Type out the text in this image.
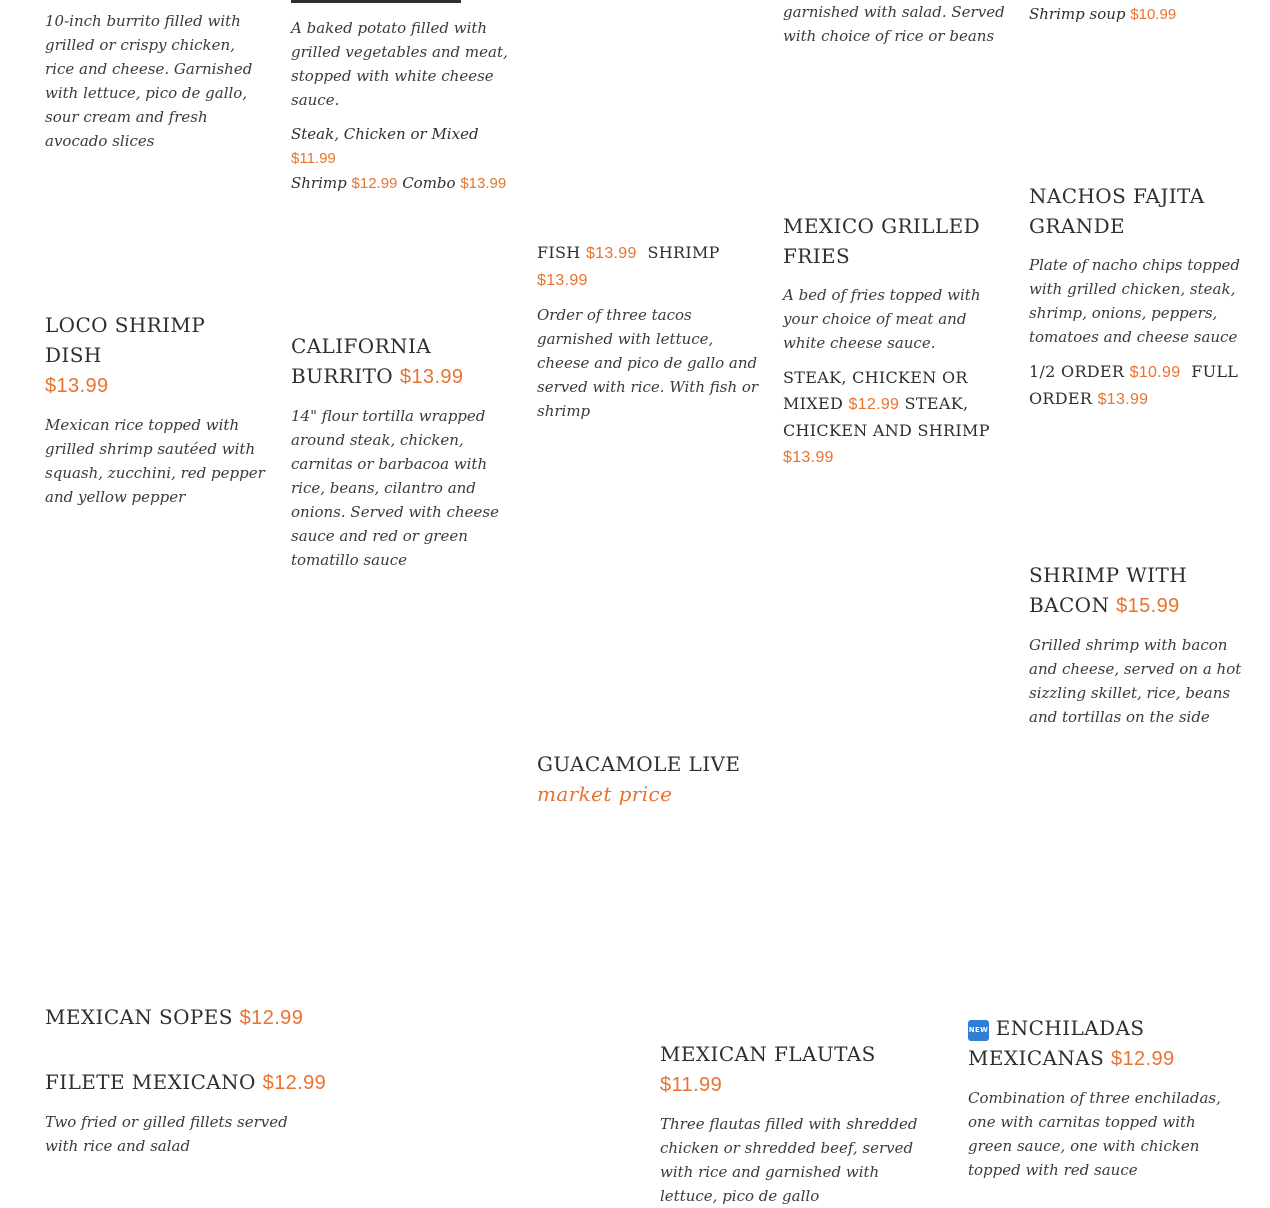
10-inch burrito filled with grilled or crispy chicken, rice and cheese. Garnished with lettuce, pico de gallo, sour cream and fresh avocado slices

LOCO SHRIMP DISH
$13.99

Mexican rice topped with grilled shrimp sautéed with squash, zucchini, red pepper and yellow pepper

A baked potato filled with grilled vegetables and meat, stopped with white cheese sauce.

Steak, Chicken or Mixed $11.99
Shrimp $12.99 Combo $13.99

CALIFORNIA BURRITO $13.99

14" flour tortilla wrapped around steak, chicken, carnitas or barbacoa with rice, beans, cilantro and onions. Served with cheese sauce and red or green tomatillo sauce

FISH $13.99 SHRIMP
$13.99

Order of three tacos garnished with lettuce, cheese and pico de gallo and served with rice. With fish or shrimp

GUACAMOLE LIVE
market price

garnished with salad. Served with choice of rice or beans

MEXICO GRILLED FRIES

A bed of fries topped with your choice of meat and white cheese sauce.

STEAK, CHICKEN OR MIXED $12.99 STEAK, CHICKEN AND SHRIMP
$13.99

Shrimp soup $10.99

NACHOS FAJITA GRANDE

Plate of nacho chips topped with grilled chicken, steak, shrimp, onions, peppers, tomatoes and cheese sauce

1/2 ORDER $10.99 FULL ORDER $13.99

SHRIMP WITH BACON $15.99

Grilled shrimp with bacon and cheese, served on a hot sizzling skillet, rice, beans and tortillas on the side

MEXICAN SOPES $12.99
FILETE MEXICANO $12.99

Two fried or gilled fillets served with rice and salad

MEXICAN FLAUTAS $11.99

Three flautas filled with shredded chicken or shredded beef, served with rice and garnished with lettuce, pico de gallo

NEW ENCHILADAS MEXICANAS $12.99

Combination of three enchiladas, one with carnitas topped with green sauce, one with chicken topped with red sauce
